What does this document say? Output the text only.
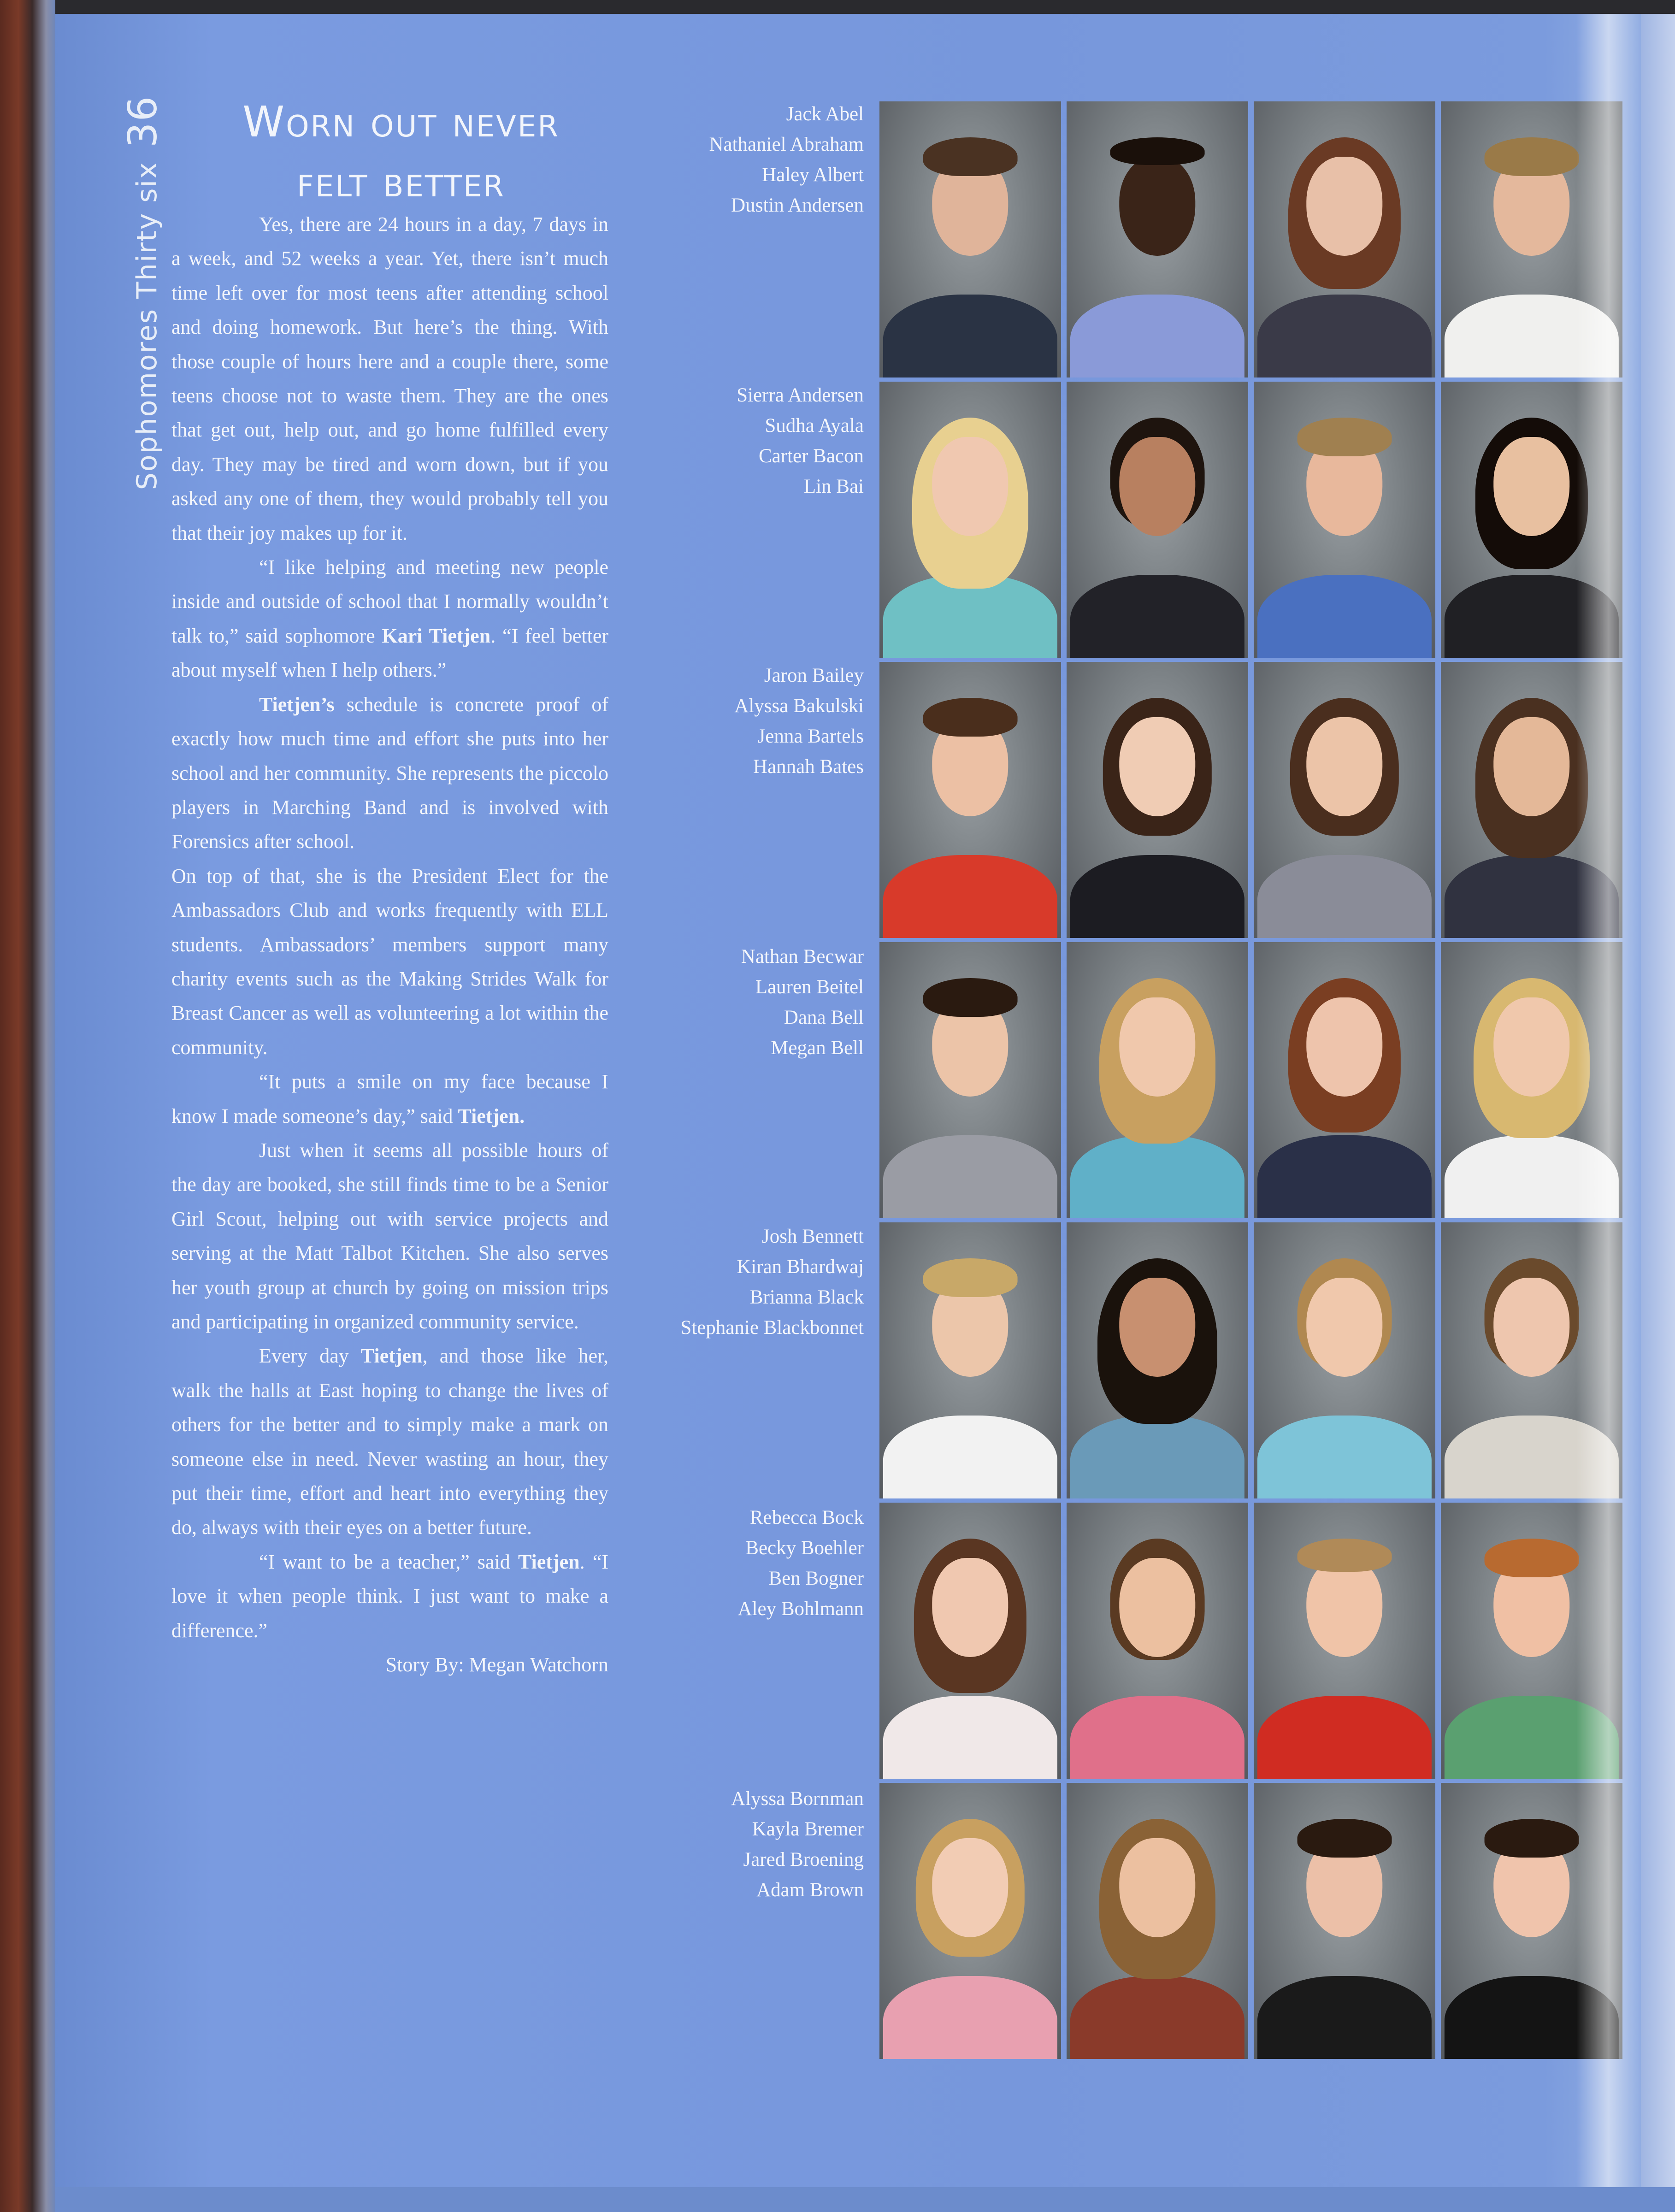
Sophomores Thirty six36	Worn out never
felt better

Yes, there are 24 hours in a day, 7 days in a week, and 52 weeks a year. Yet, there isn’t much time left over for most teens after attending school and doing homework. But here’s the thing. With those couple of hours here and a couple there, some teens choose not to waste them. They are the ones that get out, help out, and go home fulfilled every day. They may be tired and worn down, but if you asked any one of them, they would probably tell you that their joy makes up for it.

“I like helping and meeting new people inside and outside of school that I normally wouldn’t talk to,” said sophomore Kari Tietjen. “I feel better about myself when I help others.”

Tietjen’s schedule is concrete proof of exactly how much time and effort she puts into her school and her community. She represents the piccolo players in Marching Band and is involved with Forensics after school.

On top of that, she is the President Elect for the Ambassadors Club and works frequently with ELL students. Ambassadors’ members support many charity events such as the Making Strides Walk for Breast Cancer as well as volunteering a lot within the community.

“It puts a smile on my face because I know I made someone’s day,” said Tietjen.

Just when it seems all possible hours of the day are booked, she still finds time to be a Senior Girl Scout, helping out with service projects and serving at the Matt Talbot Kitchen. She also serves her youth group at church by going on mission trips and participating in organized community service.

Every day Tietjen, and those like her, walk the halls at East hoping to change the lives of others for the better and to simply make a mark on someone else in need. Never wasting an hour, they put their time, effort and heart into everything they do, always with their eyes on a better future.

“I want to be a teacher,” said Tietjen. “I love it when people think. I just want to make a difference.”

Story By: Megan Watchorn
Jack Abel
Nathaniel Abraham
Haley Albert
Dustin Andersen
Sierra Andersen
Sudha Ayala
Carter Bacon
Lin Bai
Jaron Bailey
Alyssa Bakulski
Jenna Bartels
Hannah Bates
Nathan Becwar
Lauren Beitel
Dana Bell
Megan Bell
Josh Bennett
Kiran Bhardwaj
Brianna Black
Stephanie Blackbonnet
Rebecca Bock
Becky Boehler
Ben Bogner
Aley Bohlmann
Alyssa Bornman
Kayla Bremer
Jared Broening
Adam Brown
